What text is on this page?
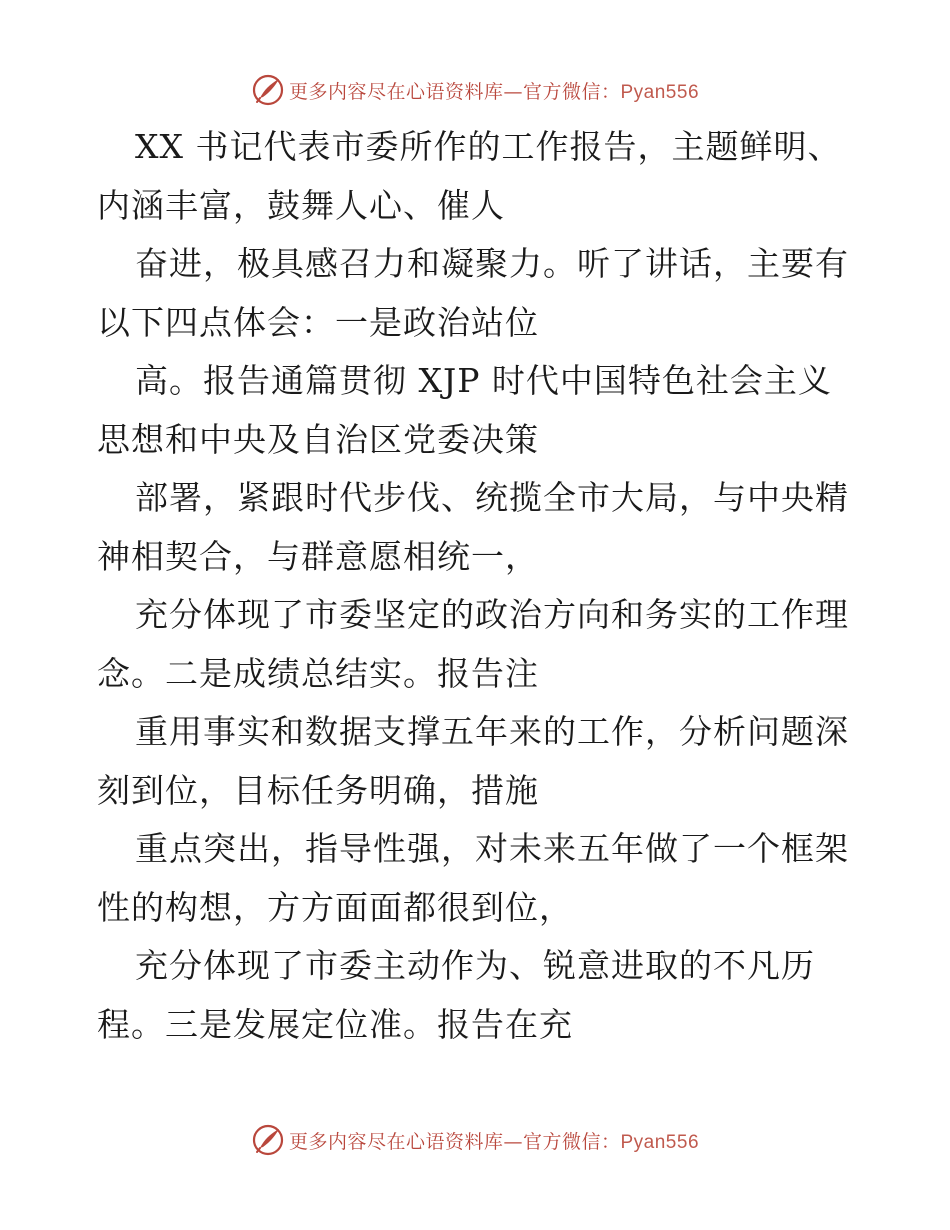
更多内容尽在心语资料库—官方微信：Pyan556
XX 书记代表市委所作的工作报告，主题鲜明、
内涵丰富，鼓舞人心、催人
奋进，极具感召力和凝聚力。听了讲话，主要有
以下四点体会：一是政治站位
高。报告通篇贯彻 XJP 时代中国特色社会主义
思想和中央及自治区党委决策
部署，紧跟时代步伐、统揽全市大局，与中央精
神相契合，与群意愿相统一，
充分体现了市委坚定的政治方向和务实的工作理
念。二是成绩总结实。报告注
重用事实和数据支撑五年来的工作，分析问题深
刻到位，目标任务明确，措施
重点突出，指导性强，对未来五年做了一个框架
性的构想，方方面面都很到位，
充分体现了市委主动作为、锐意进取的不凡历
程。三是发展定位准。报告在充
更多内容尽在心语资料库—官方微信：Pyan556
